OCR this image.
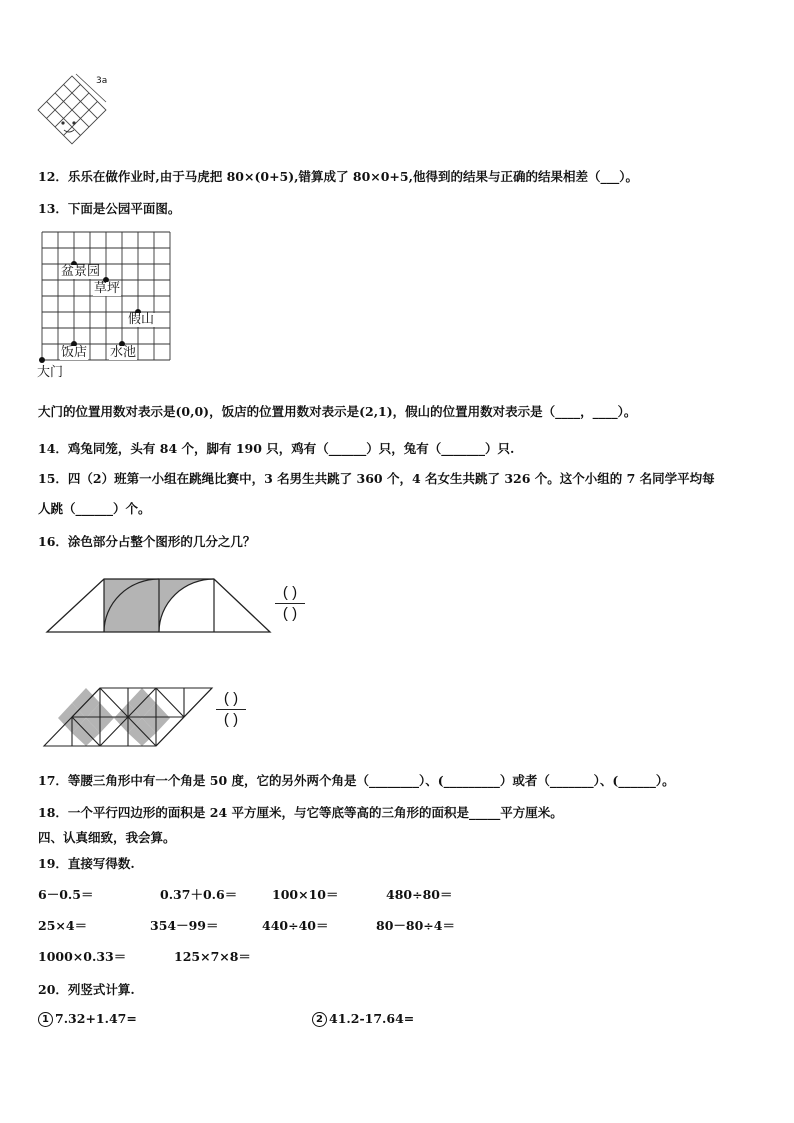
3a
12．乐乐在做作业时,由于马虎把 80×(0+5),错算成了 80×0+5,他得到的结果与正确的结果相差（___）。
13．下面是公园平面图。
盆景园
草坪
假山
饭店 水池
大门
大门的位置用数对表示是(0,0)，饭店的位置用数对表示是(2,1)，假山的位置用数对表示是（____，____）。
14．鸡兔同笼，头有 84 个，脚有 190 只，鸡有（______）只，兔有（_______）只.
15．四（2）班第一小组在跳绳比赛中，3 名男生共跳了 360 个，4 名女生共跳了 326 个。这个小组的 7 名同学平均每
人跳（______）个。
16．涂色部分占整个图形的几分之几？
( )
( )
( )
( )
17．等腰三角形中有一个角是 50 度，它的另外两个角是（________）、(_________）或者（_______）、(______）。
18．一个平行四边形的面积是 24 平方厘米，与它等底等高的三角形的面积是_____平方厘米。
四、认真细致，我会算。
19．直接写得数.
6－0.5＝	0.37＋0.6＝	100×10＝	480÷80＝
25×4＝	354－99＝	440÷40＝	80－80÷4＝
1000×0.33＝	125×7×8＝
20．列竖式计算.
1 7.32+1.47=	2 41.2-17.64=
